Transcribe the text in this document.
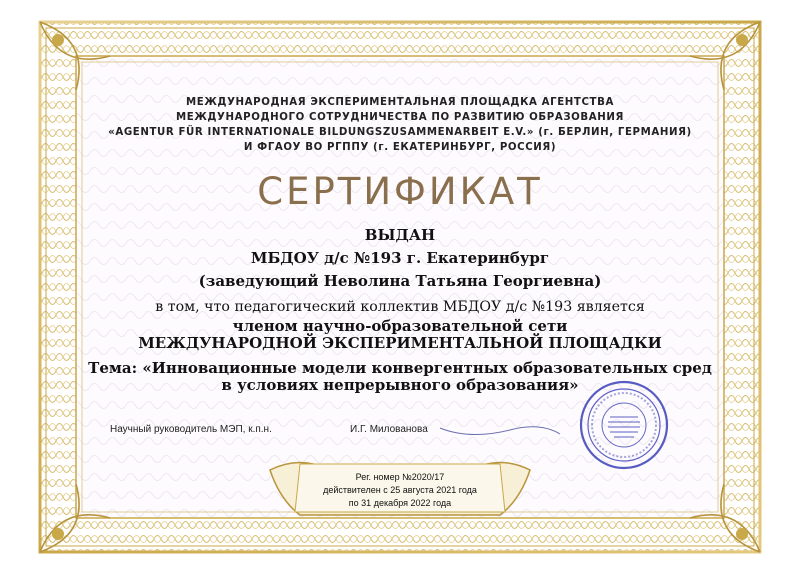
МЕЖДУНАРОДНАЯ ЭКСПЕРИМЕНТАЛЬНАЯ ПЛОЩАДКА АГЕНТСТВА
МЕЖДУНАРОДНОГО СОТРУДНИЧЕСТВА ПО РАЗВИТИЮ ОБРАЗОВАНИЯ
«AGENTUR FÜR INTERNATIONALE BILDUNGSZUSAMMENARBEIT E.V.» (г. БЕРЛИН, ГЕРМАНИЯ)
И ФГАОУ ВО РГППУ (г. ЕКАТЕРИНБУРГ, РОССИЯ)
СЕРТИФИКАТ
ВЫДАН
МБДОУ д/с №193 г. Екатеринбург
(заведующий Неволина Татьяна Георгиевна)
в том, что педагогический коллектив МБДОУ д/с №193 является
членом научно-образовательной сети
МЕЖДУНАРОДНОЙ ЭКСПЕРИМЕНТАЛЬНОЙ ПЛОЩАДКИ
Тема: «Инновационные модели конвергентных образовательных сред
в условиях непрерывного образования»
Научный руководитель МЭП, к.п.н.	И.Г. Милованова
Рег. номер №2020/17
действителен с 25 августа 2021 года
по 31 декабря 2022 года
